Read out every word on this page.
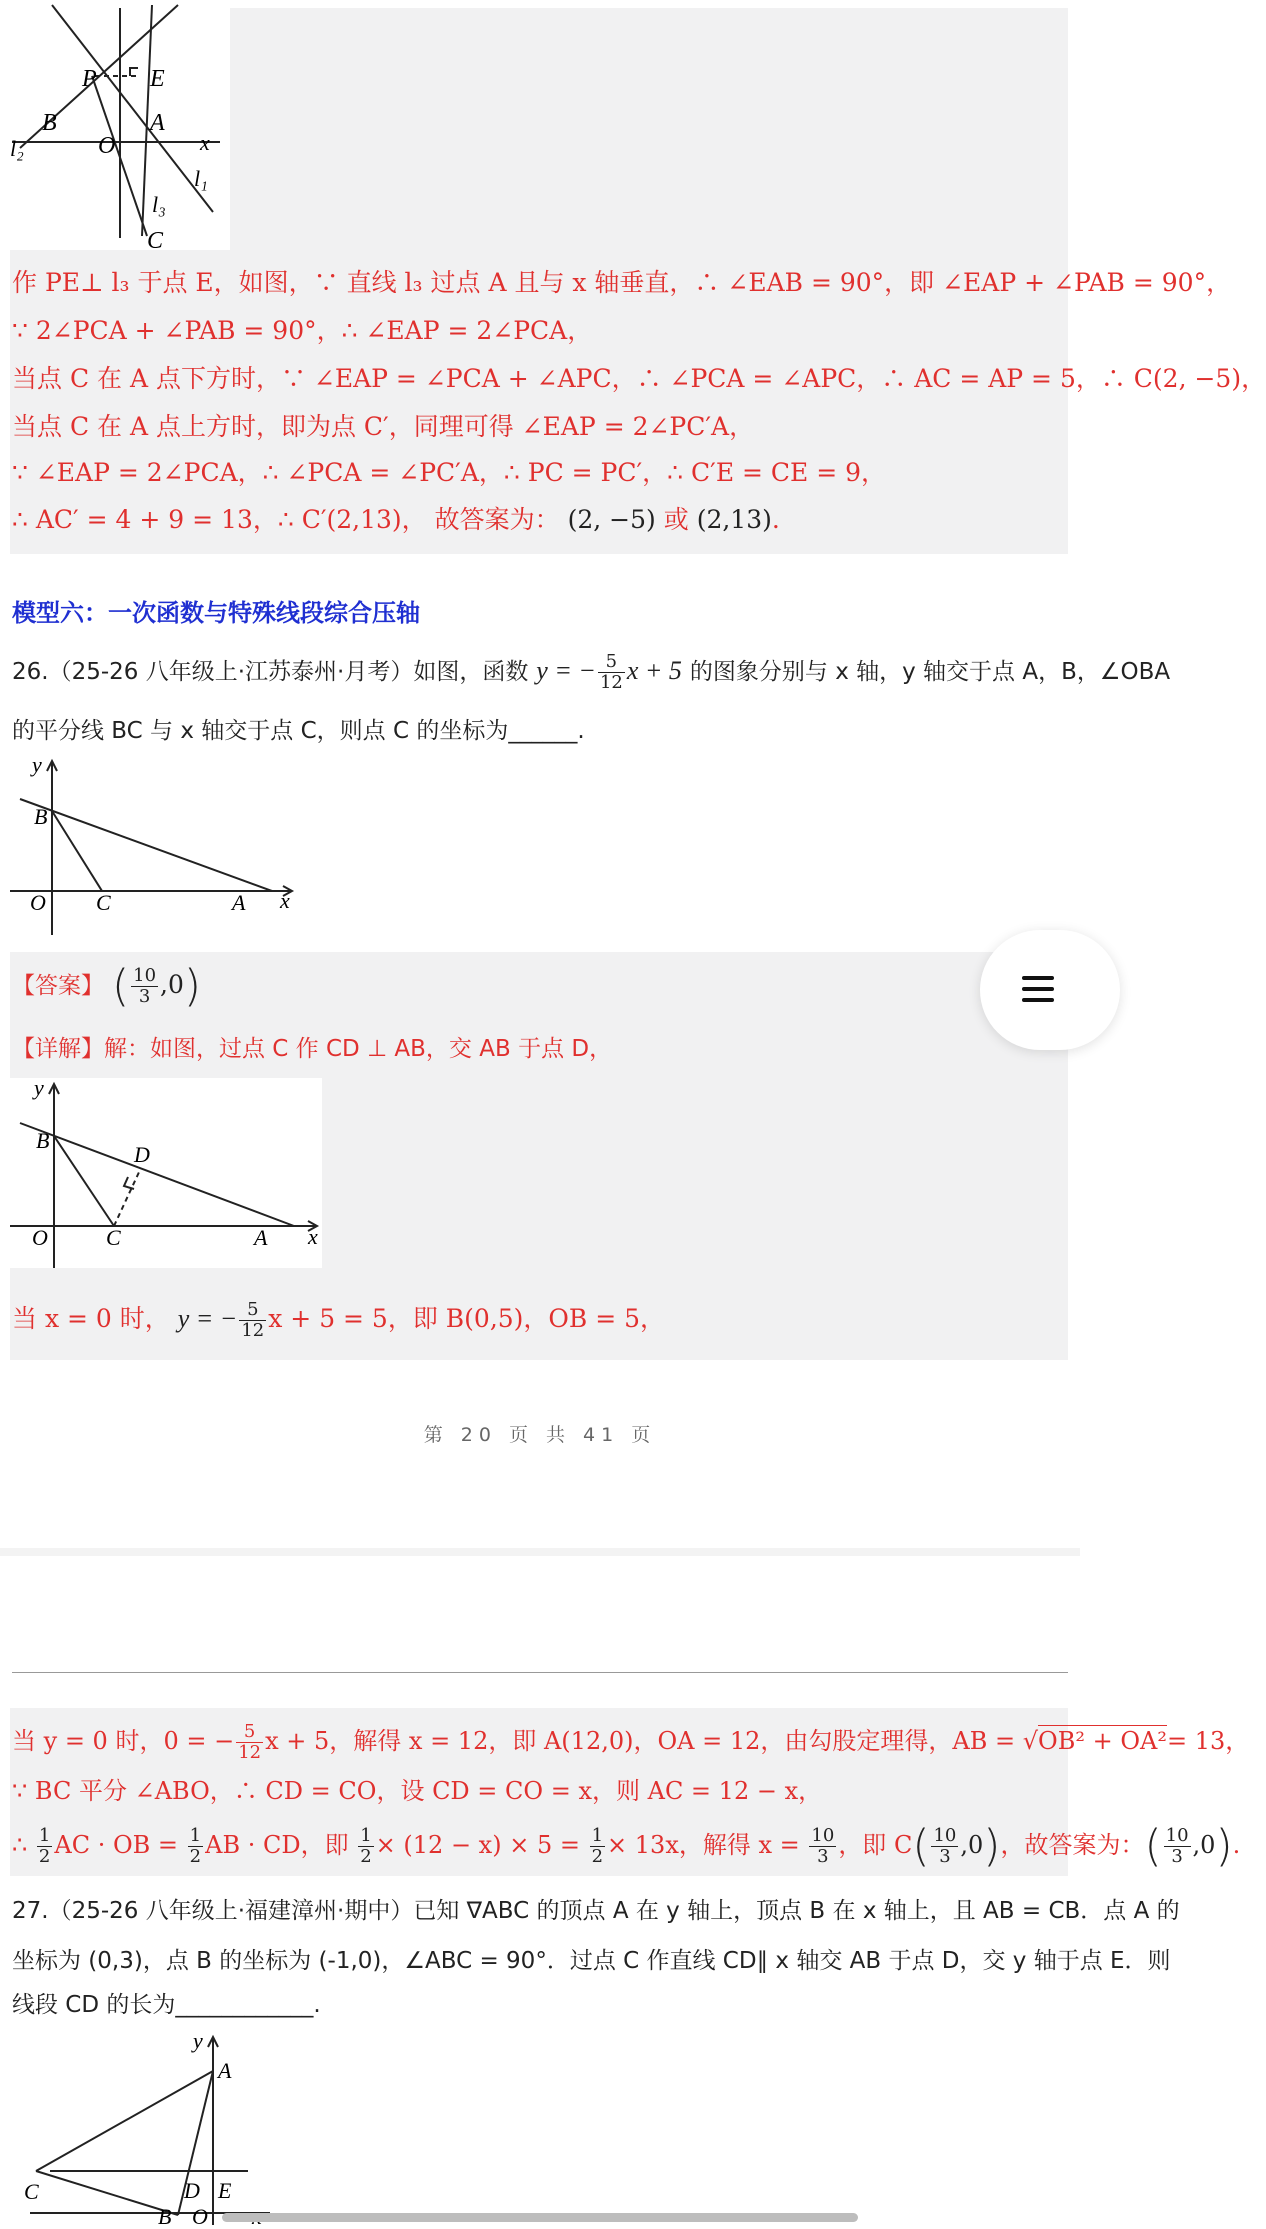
P E
B	A
O	x
l₂
l₁
l₃
C
作 PE⊥ l₃ 于点 E，如图，∵ 直线 l₃ 过点 A 且与 x 轴垂直，∴ ∠EAB = 90°，即 ∠EAP + ∠PAB = 90°，
∵ 2∠PCA + ∠PAB = 90°，∴ ∠EAP = 2∠PCA，
当点 C 在 A 点下方时，∵ ∠EAP = ∠PCA + ∠APC，∴ ∠PCA = ∠APC，∴ AC = AP = 5，∴ C(2, −5)，
当点 C 在 A 点上方时，即为点 C′，同理可得 ∠EAP = 2∠PC′A，
∵ ∠EAP = 2∠PCA，∴ ∠PCA = ∠PC′A，∴ PC = PC′，∴ C′E = CE = 9，
∴ AC′ = 4 + 9 = 13，∴ C′(2,13)， 故答案为： (2, −5) 或 (2,13).
模型六：一次函数与特殊线段综合压轴
26.（25-26 八年级上·江苏泰州·月考）如图，函数 y = − $\frac{5}{12}$ x + 5 的图象分别与 x 轴，y 轴交于点 A，B，∠OBA
的平分线 BC 与 x 轴交于点 C，则点 C 的坐标为______.
y
B
O C	A x
【答案】 ( $\frac{10}{3} ,0$)
【详解】解：如图，过点 C 作 CD ⊥ AB，交 AB 于点 D，
y
B
D
O	C	A x
当 x = 0 时， y = − $\frac{5}{12}$ x + 5 = 5，即 B(0,5)，OB = 5，
第 20 页 共 41 页
当 y = 0 时，0 = − $\frac{5}{12}$ x + 5，解得 x = 12，即 A(12,0)，OA = 12，由勾股定理得，AB = √OB² + OA²= 13，
∵ BC 平分 ∠ABO，∴ CD = CO，设 CD = CO = x，则 AC = 12 − x，
∴ $\frac{1}{2}$ AC · OB = $\frac{1}{2}$ AB · CD，即 $\frac{1}{2} \times (12 - x) \times 5 = \frac{1}{2} \times 13x$，解得 $x = \frac{10}{3}$ ，即 $C( \frac{10}{3} ,0)$，故答案为：( $\frac{10}{3} ,0$).
27.（25-26 八年级上·福建漳州·期中）已知 ∇ABC 的顶点 A 在 y 轴上，顶点 B 在 x 轴上，且 AB = CB．点 A 的
坐标为 (0,3)，点 B 的坐标为 (-1,0)，∠ABC = 90°．过点 C 作直线 CD∥ x 轴交 AB 于点 D，交 y 轴于点 E．则
线段 CD 的长为____________.
y
A
C	D E
B O
